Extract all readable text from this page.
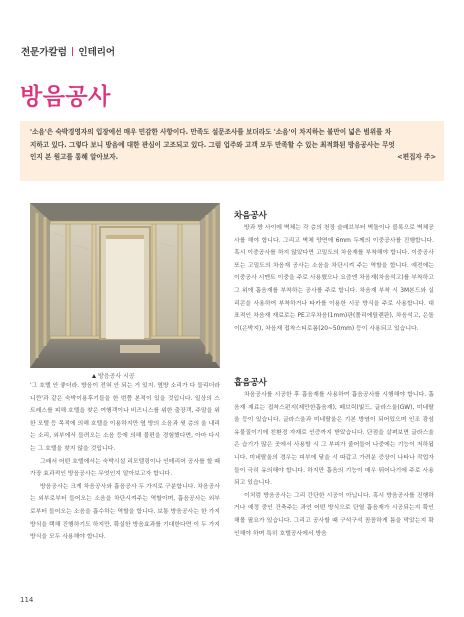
전문가칼럼 인테리어
방음공사
'소음'은 숙박경영자의 입장에선 매우 민감한 사항이다. 만족도 설문조사를 보더라도 '소음'이 차지하는 불만이 넓은 범위를 차
지하고 있다. 그렇다 보니 방음에 대한 관심이 고조되고 있다. 그럼 업주와 고객 모두 만족할 수 있는 최적화된 방음공사는 무엇
인지 본 원고를 통해 알아보자.	<편집자 주>
방음공사 시공

'그 호텔 안 좋더라. 방음이 전혀 안 되는 거 있지. 옆방 소리가 다 들리더라니깐'과 같은 숙박이용후기들을 한 번쯤 본적이 있을 것입니다. 일상의 스트레스를 피해 호텔을 찾은 여행객이나 비즈니스를 위한 출장객, 주말을 위한 모텔 등 목적에 의해 호텔을 이용하지만 옆 방의 소음과 윗 층의 울 내리는 소리, 외부에서 들려오는 소음 등에 의해 불편을 경험했다면, 아마 다시는 그 호텔을 찾지 않을 것입니다.

그래서 어떤 호텔에서는 숙박시설 리모델링이나 인테리어 공사를 할 때 가장 효과적인 방음공사는 무엇인지 알아보고자 합니다.

방음공사는 크게 차음공사와 흡음공사 두 가지로 구분합니다. 차음공사는 외부로부터 들어오는 소음을 차단시켜주는 역할이며, 흡음공사는 외부로부터 들어오는 소음을 흡수하는 역할을 합니다. 보통 방음공사는 한 가지 방식을 택해 진행하기도 하지만, 확실한 방음효과를 기대한다면 이 두 가지 방식을 모두 사용해야 합니다.

차음공사

방과 방 사이에 벽체는 각 층의 천장 슬래브부터 벽돌이나 블록으로 벽체공사를 해야 합니다. 그리고 벽체 양면에 6mm 두께의 이중공사를 진행합니다. 혹시 이중공사를 하지 않았다면 고밀도의 차음재를 부착해야 합니다. 이중공사 또는 고밀도의 차음재 공사는 소음을 차단시켜 주는 역할을 합니다. 예전에는 이중공사 시멘트 이중을 주로 사용했으나 요즘엔 차음재(차음석고)를 부착하고 그 위에 흡음재를 부착하는 공사를 주로 합니다. 차음재 부착 시 3M본드와 실리콘을 사용하여 부착하거나 타카를 이용한 시공 방식을 주로 사용합니다. 대표적인 차음재 재료로는 PE고무차음(1mm)판(폴리에틸렌판), 차음석고, 은돌이(은박지), 차음재 접착스티로폼(20~50mm) 등이 사용되고 있습니다.

흡음공사

차음공사를 시공한 후 흡음재를 사용하여 흡음공사를 시행해야 합니다. 흡음재 재료는 접착스펀지(제만한흡음재), 페브릭(빛드, 글라스울(GW), 미네랄울 등이 있습니다. 글라스울과 미네랄울은 기본 방염이 되어있으며 인조 광섬유물질이기에 친환경 자재로 인증까지 받았습니다. 단점을 살펴보면 글라스울은 습기가 많은 곳에서 사용할 시 그 부피가 줄어들어 나중에는 기능이 저하됩니다. 미네랄울의 경우는 피부에 닿을 시 따갑고 가려운 증상이 나타나 작업자들이 극히 유의해야 합니다. 하지만 흡음의 기능이 매우 뛰어나기에 주로 사용되고 있습니다.

이처럼 방음공사는 그리 간단한 시공이 아닙니다. 혹시 방음공사를 진행하거나 예정 중인 건축주는 과연 어떤 방식으로 단열 흡음재가 시공되는지 확인해볼 필요가 있습니다. 그리고 공사할 때 구석구석 꼼꼼하게 틈을 막았는지 확인해야 하며 특히 호텔공사에서 방음

114
